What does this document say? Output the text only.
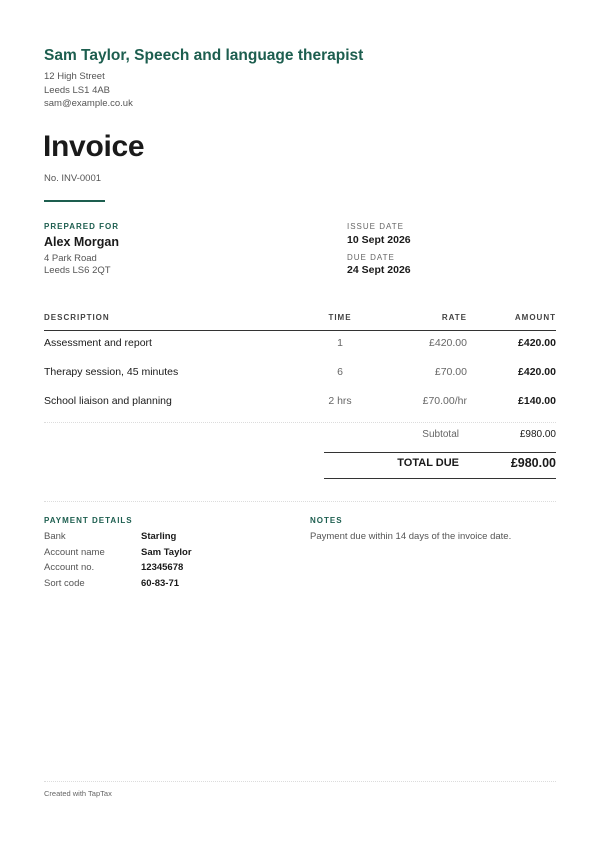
Sam Taylor, Speech and language therapist
12 High Street
Leeds LS1 4AB
sam@example.co.uk
Invoice
No. INV-0001
PREPARED FOR
Alex Morgan
4 Park Road
Leeds LS6 2QT
ISSUE DATE
10 Sept 2026
DUE DATE
24 Sept 2026
DESCRIPTION	TIME	RATE	AMOUNT
Assessment and report	1	£420.00	£420.00
Therapy session, 45 minutes	6	£70.00	£420.00
School liaison and planning	2 hrs	£70.00/hr	£140.00
Subtotal	£980.00
TOTAL DUE	£980.00
PAYMENT DETAILS
Bank	Starling
Account name	Sam Taylor
Account no.	12345678
Sort code	60-83-71
NOTES
Payment due within 14 days of the invoice date.
Created with TapTax
